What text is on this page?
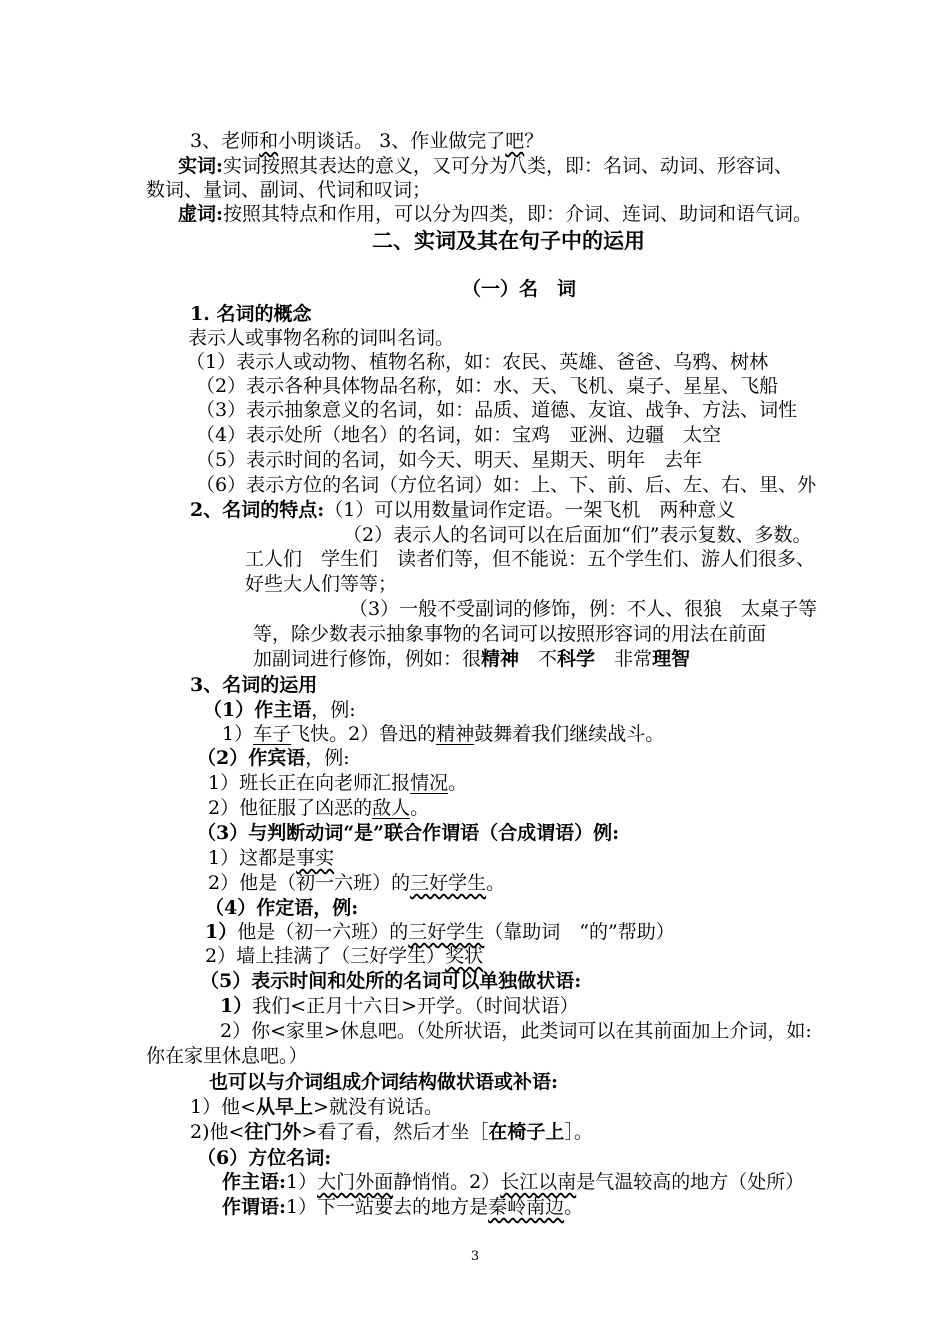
3、老师和小明谈话。 3、作业做完了吧？
实词:实词按照其表达的意义，又可分为八类，即：名词、动词、形容词、
数词、量词、副词、代词和叹词；
虚词:按照其特点和作用，可以分为四类，即：介词、连词、助词和语气词。
二、实词及其在句子中的运用
（一）名　词
1. 名词的概念
表示人或事物名称的词叫名词。
（1）表示人或动物、植物名称，如：农民、英雄、爸爸、乌鸦、树林
（2）表示各种具体物品名称，如：水、天、飞机、桌子、星星、飞船
（3）表示抽象意义的名词，如：品质、道德、友谊、战争、方法、词性
（4）表示处所（地名）的名词，如：宝鸡　亚洲、边疆　太空
（5）表示时间的名词，如今天、明天、星期天、明年　去年
（6）表示方位的名词（方位名词）如：上、下、前、后、左、右、里、外
2、名词的特点:（1）可以用数量词作定语。一架飞机　两种意义
（2）表示人的名词可以在后面加“们”表示复数、多数。
工人们　学生们　读者们等，但不能说：五个学生们、游人们很多、
好些大人们等等；
（3）一般不受副词的修饰，例：不人、很狼　太桌子等
等，除少数表示抽象事物的名词可以按照形容词的用法在前面
加副词进行修饰，例如：很精神　不科学　非常理智
3、名词的运用
（1）作主语，例:
1）车子飞快。2）鲁迅的精神鼓舞着我们继续战斗。
（2）作宾语，例:
1）班长正在向老师汇报情况。
2）他征服了凶恶的敌人。
（3）与判断动词“是”联合作谓语（合成谓语）例:
1）这都是事实
2）他是（初一六班）的三好学生。
（4）作定语，例:
1）他是（初一六班）的三好学生（靠助词　“的”帮助）
2）墙上挂满了（三好学生）奖状
（5）表示时间和处所的名词可以单独做状语:
1）我们<正月十六日>开学。（时间状语）
2）你<家里>休息吧。（处所状语，此类词可以在其前面加上介词，如:
你在家里休息吧。）
也可以与介词组成介词结构做状语或补语:
1）他<从早上>就没有说话。
2)他<往门外>看了看，然后才坐［在椅子上］。
（6）方位名词:
作主语:1）大门外面静悄悄。2）长江以南是气温较高的地方（处所）
作谓语:1）下一站要去的地方是秦岭南边。
3
